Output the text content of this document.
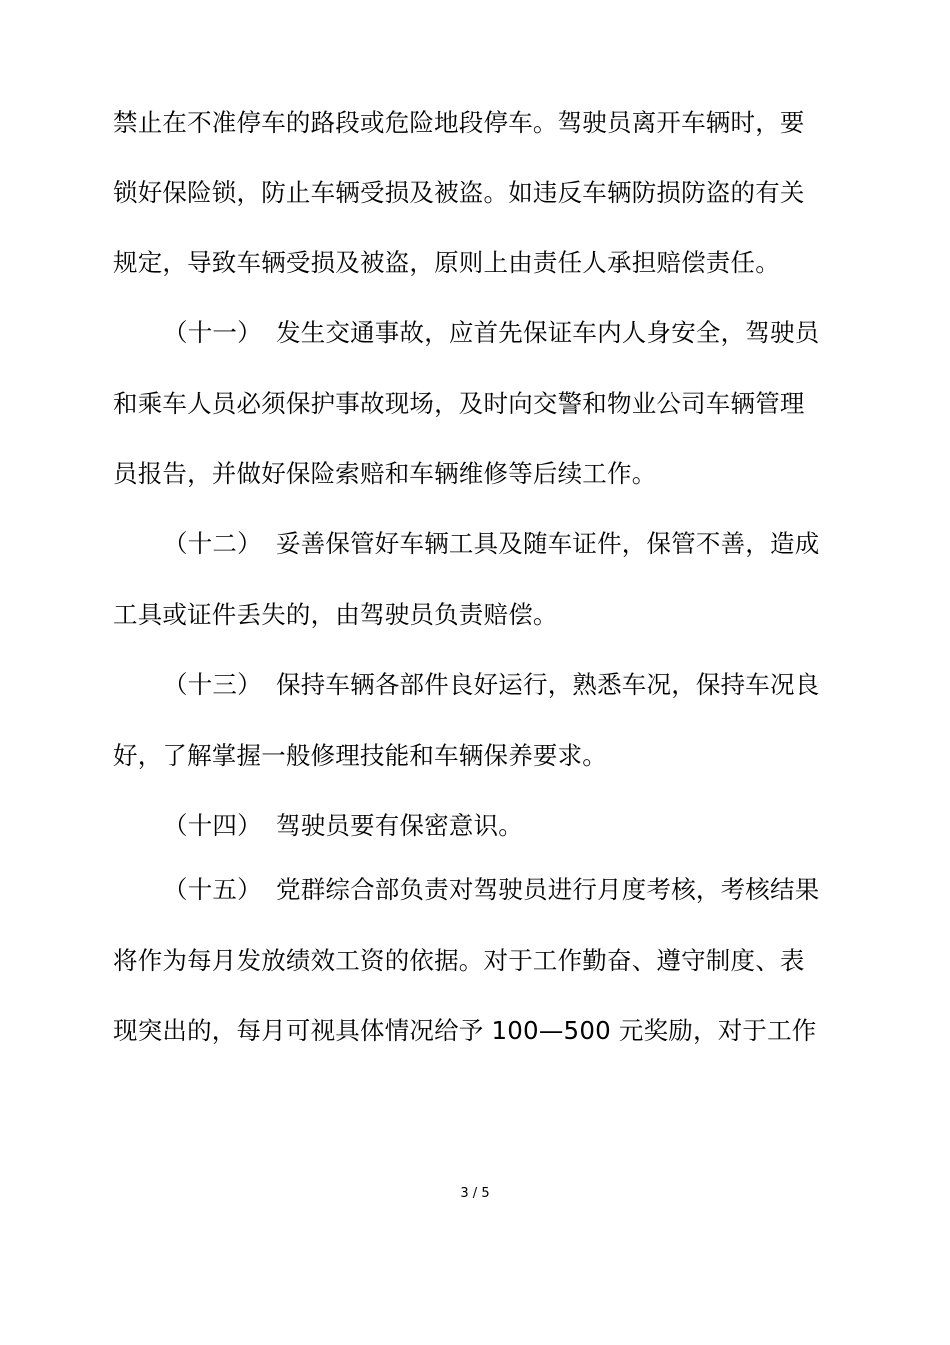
禁止在不准停车的路段或危险地段停车。驾驶员离开车辆时，要
锁好保险锁，防止车辆受损及被盗。如违反车辆防损防盗的有关
规定，导致车辆受损及被盗，原则上由责任人承担赔偿责任。
（十一） 发生交通事故，应首先保证车内人身安全，驾驶员
和乘车人员必须保护事故现场，及时向交警和物业公司车辆管理
员报告，并做好保险索赔和车辆维修等后续工作。
（十二） 妥善保管好车辆工具及随车证件，保管不善，造成
工具或证件丢失的，由驾驶员负责赔偿。
（十三） 保持车辆各部件良好运行，熟悉车况，保持车况良
好，了解掌握一般修理技能和车辆保养要求。
（十四） 驾驶员要有保密意识。
（十五） 党群综合部负责对驾驶员进行月度考核，考核结果
将作为每月发放绩效工资的依据。对于工作勤奋、遵守制度、表
现突出的，每月可视具体情况给予 100—500 元奖励，对于工作
3 / 5
